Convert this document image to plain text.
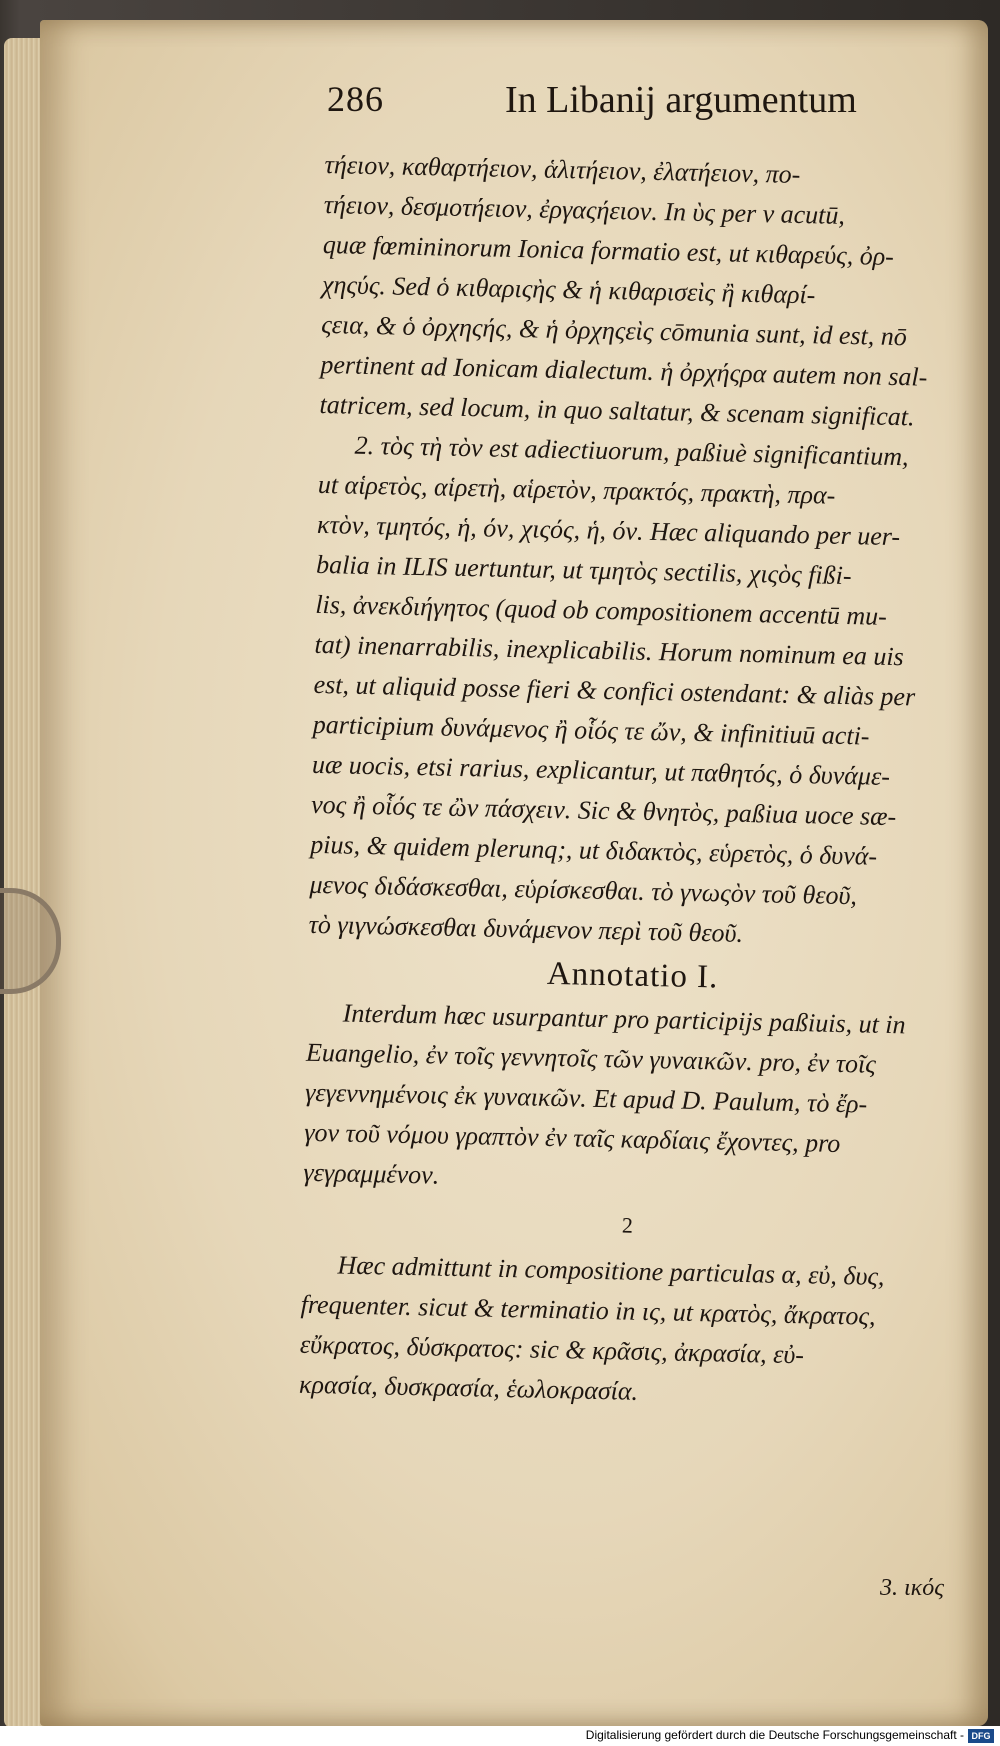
286	In Libanij argumentum
τήειον, καθαρτήειον, ἁλιτήειον, ἐλατήειον, πο-
τήειον, δεσμοτήειον, ἐργαςήειον. In ὺς per ν acutū,
quæ fœmininorum Ionica formatio est, ut κιθαρεύς, ὀρ-
χηςύς. Sed ὁ κιθαριςὴς & ἡ κιθαρισεὶς ἢ κιθαρί-
ςεια, & ὁ ὀρχηςής, & ἡ ὀρχηςεὶς cōmunia sunt, id est, nō
pertinent ad Ionicam dialectum. ἡ ὀρχήςρα autem non sal-
tatricem, sed locum, in quo saltatur, & scenam significat.
2. τὸς τὴ τὸν est adiectiuorum, paßiuè significantium,
ut αἱρετὸς, αἱρετὴ, αἱρετὸν, πρακτός, πρακτὴ, πρα-
κτὸν, τμητός, ἡ, όν, χιςός, ἡ, όν. Hæc aliquando per uer-
balia in ILIS uertuntur, ut τμητὸς sectilis, χιςὸς fißi-
lis, ἀνεκδιήγητος (quod ob compositionem accentū mu-
tat) inenarrabilis, inexplicabilis. Horum nominum ea uis
est, ut aliquid posse fieri & confici ostendant: & aliàs per
participium δυνάμενος ἢ οἷός τε ὤν, & infinitiuū acti-
uæ uocis, etsi rarius, explicantur, ut παθητός, ὁ δυνάμε-
νος ἢ οἷός τε ὢν πάσχειν. Sic & θνητὸς, paßiua uoce sæ-
pius, & quidem plerunq;, ut διδακτὸς, εὑρετὸς, ὁ δυνά-
μενος διδάσκεσθαι, εὑρίσκεσθαι. τὸ γνωςὸν τοῦ θεοῦ,
τὸ γιγνώσκεσθαι δυνάμενον περὶ τοῦ θεοῦ.
Annotatio I.
Interdum hæc usurpantur pro participijs paßiuis, ut in
Euangelio, ἐν τοῖς γεννητοῖς τῶν γυναικῶν. pro, ἐν τοῖς
γεγεννημένοις ἐκ γυναικῶν. Et apud D. Paulum, τὸ ἔρ-
γον τοῦ νόμου γραπτὸν ἐν ταῖς καρδίαις ἔχοντες, pro
γεγραμμένον.
2
Hæc admittunt in compositione particulas α, εὐ, δυς,
frequenter. sicut & terminatio in ις, ut κρατὸς, ἄκρατος,
εὔκρατος, δύσκρατος: sic & κρᾶσις, ἀκρασία, εὐ-
κρασία, δυσκρασία, ἑωλοκρασία.
3. ικός
Digitalisierung gefördert durch die Deutsche Forschungsgemeinschaft - DFG
